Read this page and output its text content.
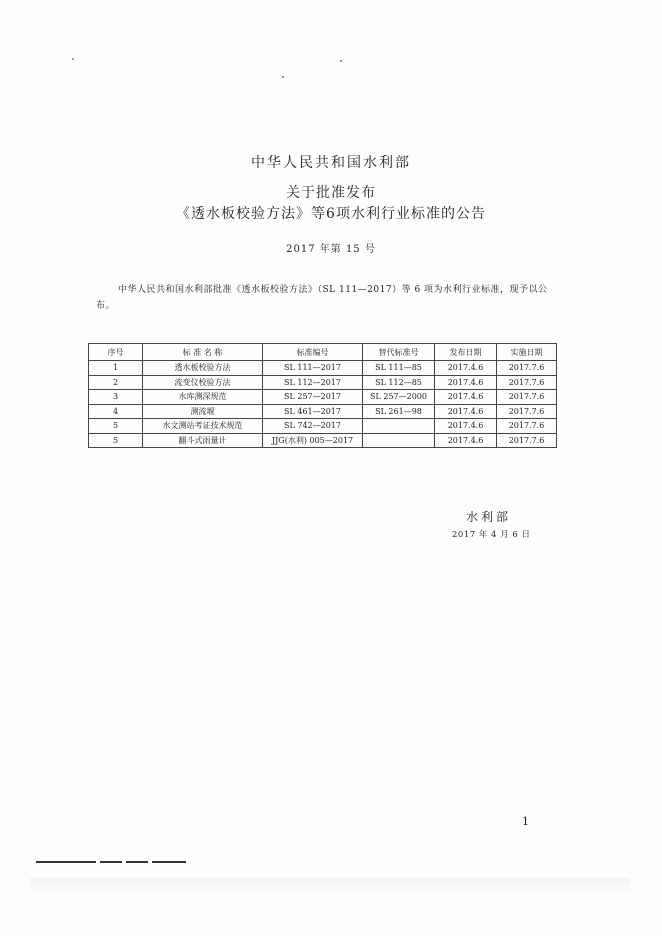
中华人民共和国水利部
关于批准发布
《透水板校验方法》等6项水利行业标准的公告
2017 年第 15 号
中华人民共和国水利部批准《透水板校验方法》（SL 111—2017）等 6 项为水利行业标准，现予以公布。
序号	标 准 名 称	标准编号	替代标准号	发布日期	实施日期
1	透水板校验方法	SL 111—2017	SL 111—85	2017.4.6	2017.7.6
2	流变仪校验方法	SL 112—2017	SL 112—85	2017.4.6	2017.7.6
3	水库测深规范	SL 257—2017	SL 257—2000	2017.4.6	2017.7.6
4	测流堰	SL 461—2017	SL 261—98	2017.4.6	2017.7.6
5	水文测站考证技术规范	SL 742—2017		2017.4.6	2017.7.6
5	翻斗式雨量计	JJG(水利) 005—2017		2017.4.6	2017.7.6
水利部
2017 年 4 月 6 日
1
